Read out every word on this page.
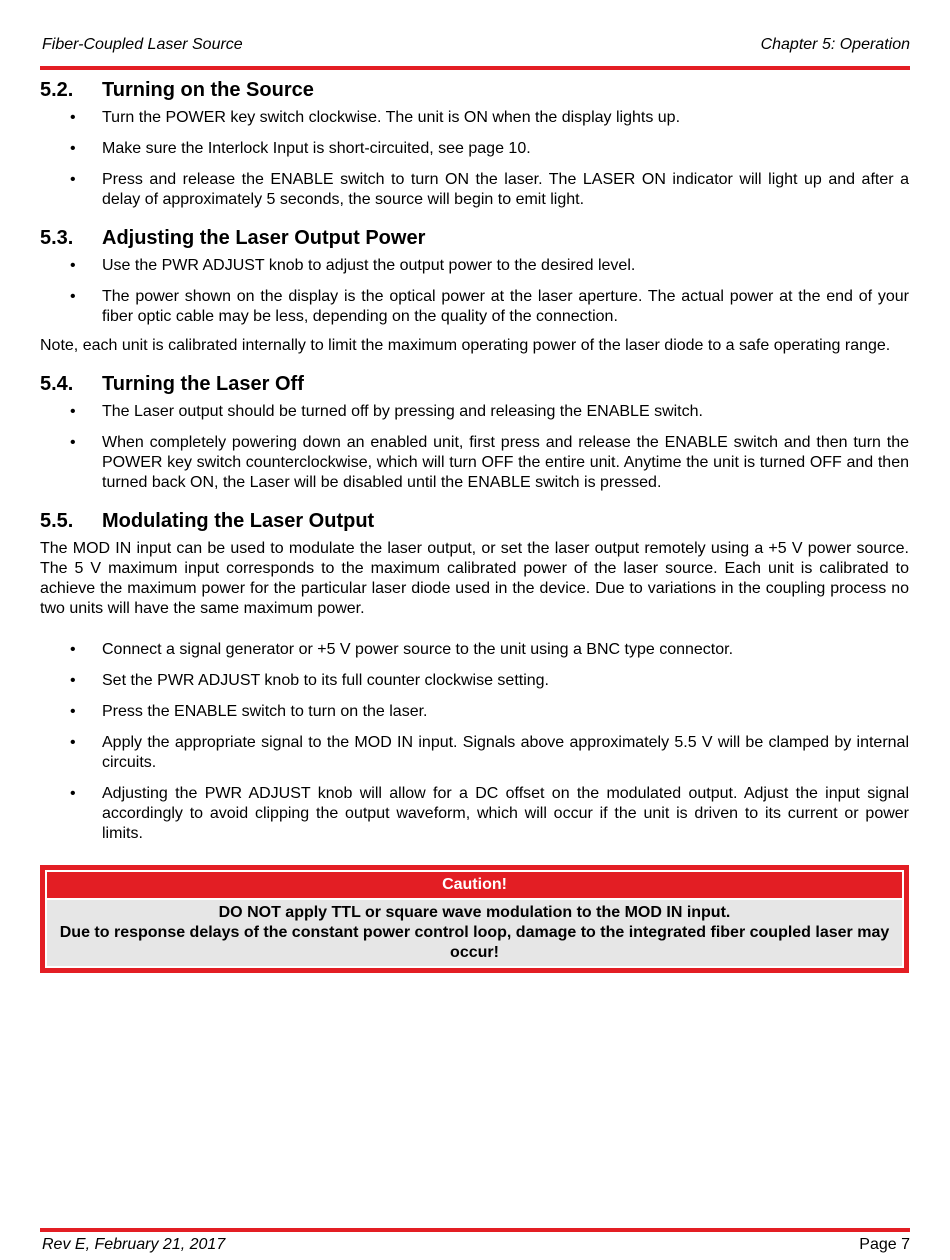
Fiber-Coupled Laser Source	Chapter 5: Operation
5.2.	Turning on the Source
• Turn the POWER key switch clockwise. The unit is ON when the display lights up.
• Make sure the Interlock Input is short-circuited, see page 10.
• Press and release the ENABLE switch to turn ON the laser. The LASER ON indicator will light up and after a delay of approximately 5 seconds, the source will begin to emit light.
5.3.	Adjusting the Laser Output Power
• Use the PWR ADJUST knob to adjust the output power to the desired level.
• The power shown on the display is the optical power at the laser aperture. The actual power at the end of your fiber optic cable may be less, depending on the quality of the connection.

Note, each unit is calibrated internally to limit the maximum operating power of the laser diode to a safe operating range.

5.4.	Turning the Laser Off
• The Laser output should be turned off by pressing and releasing the ENABLE switch.
• When completely powering down an enabled unit, first press and release the ENABLE switch and then turn the POWER key switch counterclockwise, which will turn OFF the entire unit. Anytime the unit is turned OFF and then turned back ON, the Laser will be disabled until the ENABLE switch is pressed.
5.5.	Modulating the Laser Output

The MOD IN input can be used to modulate the laser output, or set the laser output remotely using a +5 V power source. The 5 V maximum input corresponds to the maximum calibrated power of the laser source. Each unit is calibrated to achieve the maximum power for the particular laser diode used in the device. Due to variations in the coupling process no two units will have the same maximum power.

• Connect a signal generator or +5 V power source to the unit using a BNC type connector.
• Set the PWR ADJUST knob to its full counter clockwise setting.
• Press the ENABLE switch to turn on the laser.
• Apply the appropriate signal to the MOD IN input. Signals above approximately 5.5 V will be clamped by internal circuits.
• Adjusting the PWR ADJUST knob will allow for a DC offset on the modulated output. Adjust the input signal accordingly to avoid clipping the output waveform, which will occur if the unit is driven to its current or power limits.
Caution!
DO NOT apply TTL or square wave modulation to the MOD IN input.
Due to response delays of the constant power control loop, damage to the integrated fiber coupled laser may occur!
Rev E, February 21, 2017	Page 7
